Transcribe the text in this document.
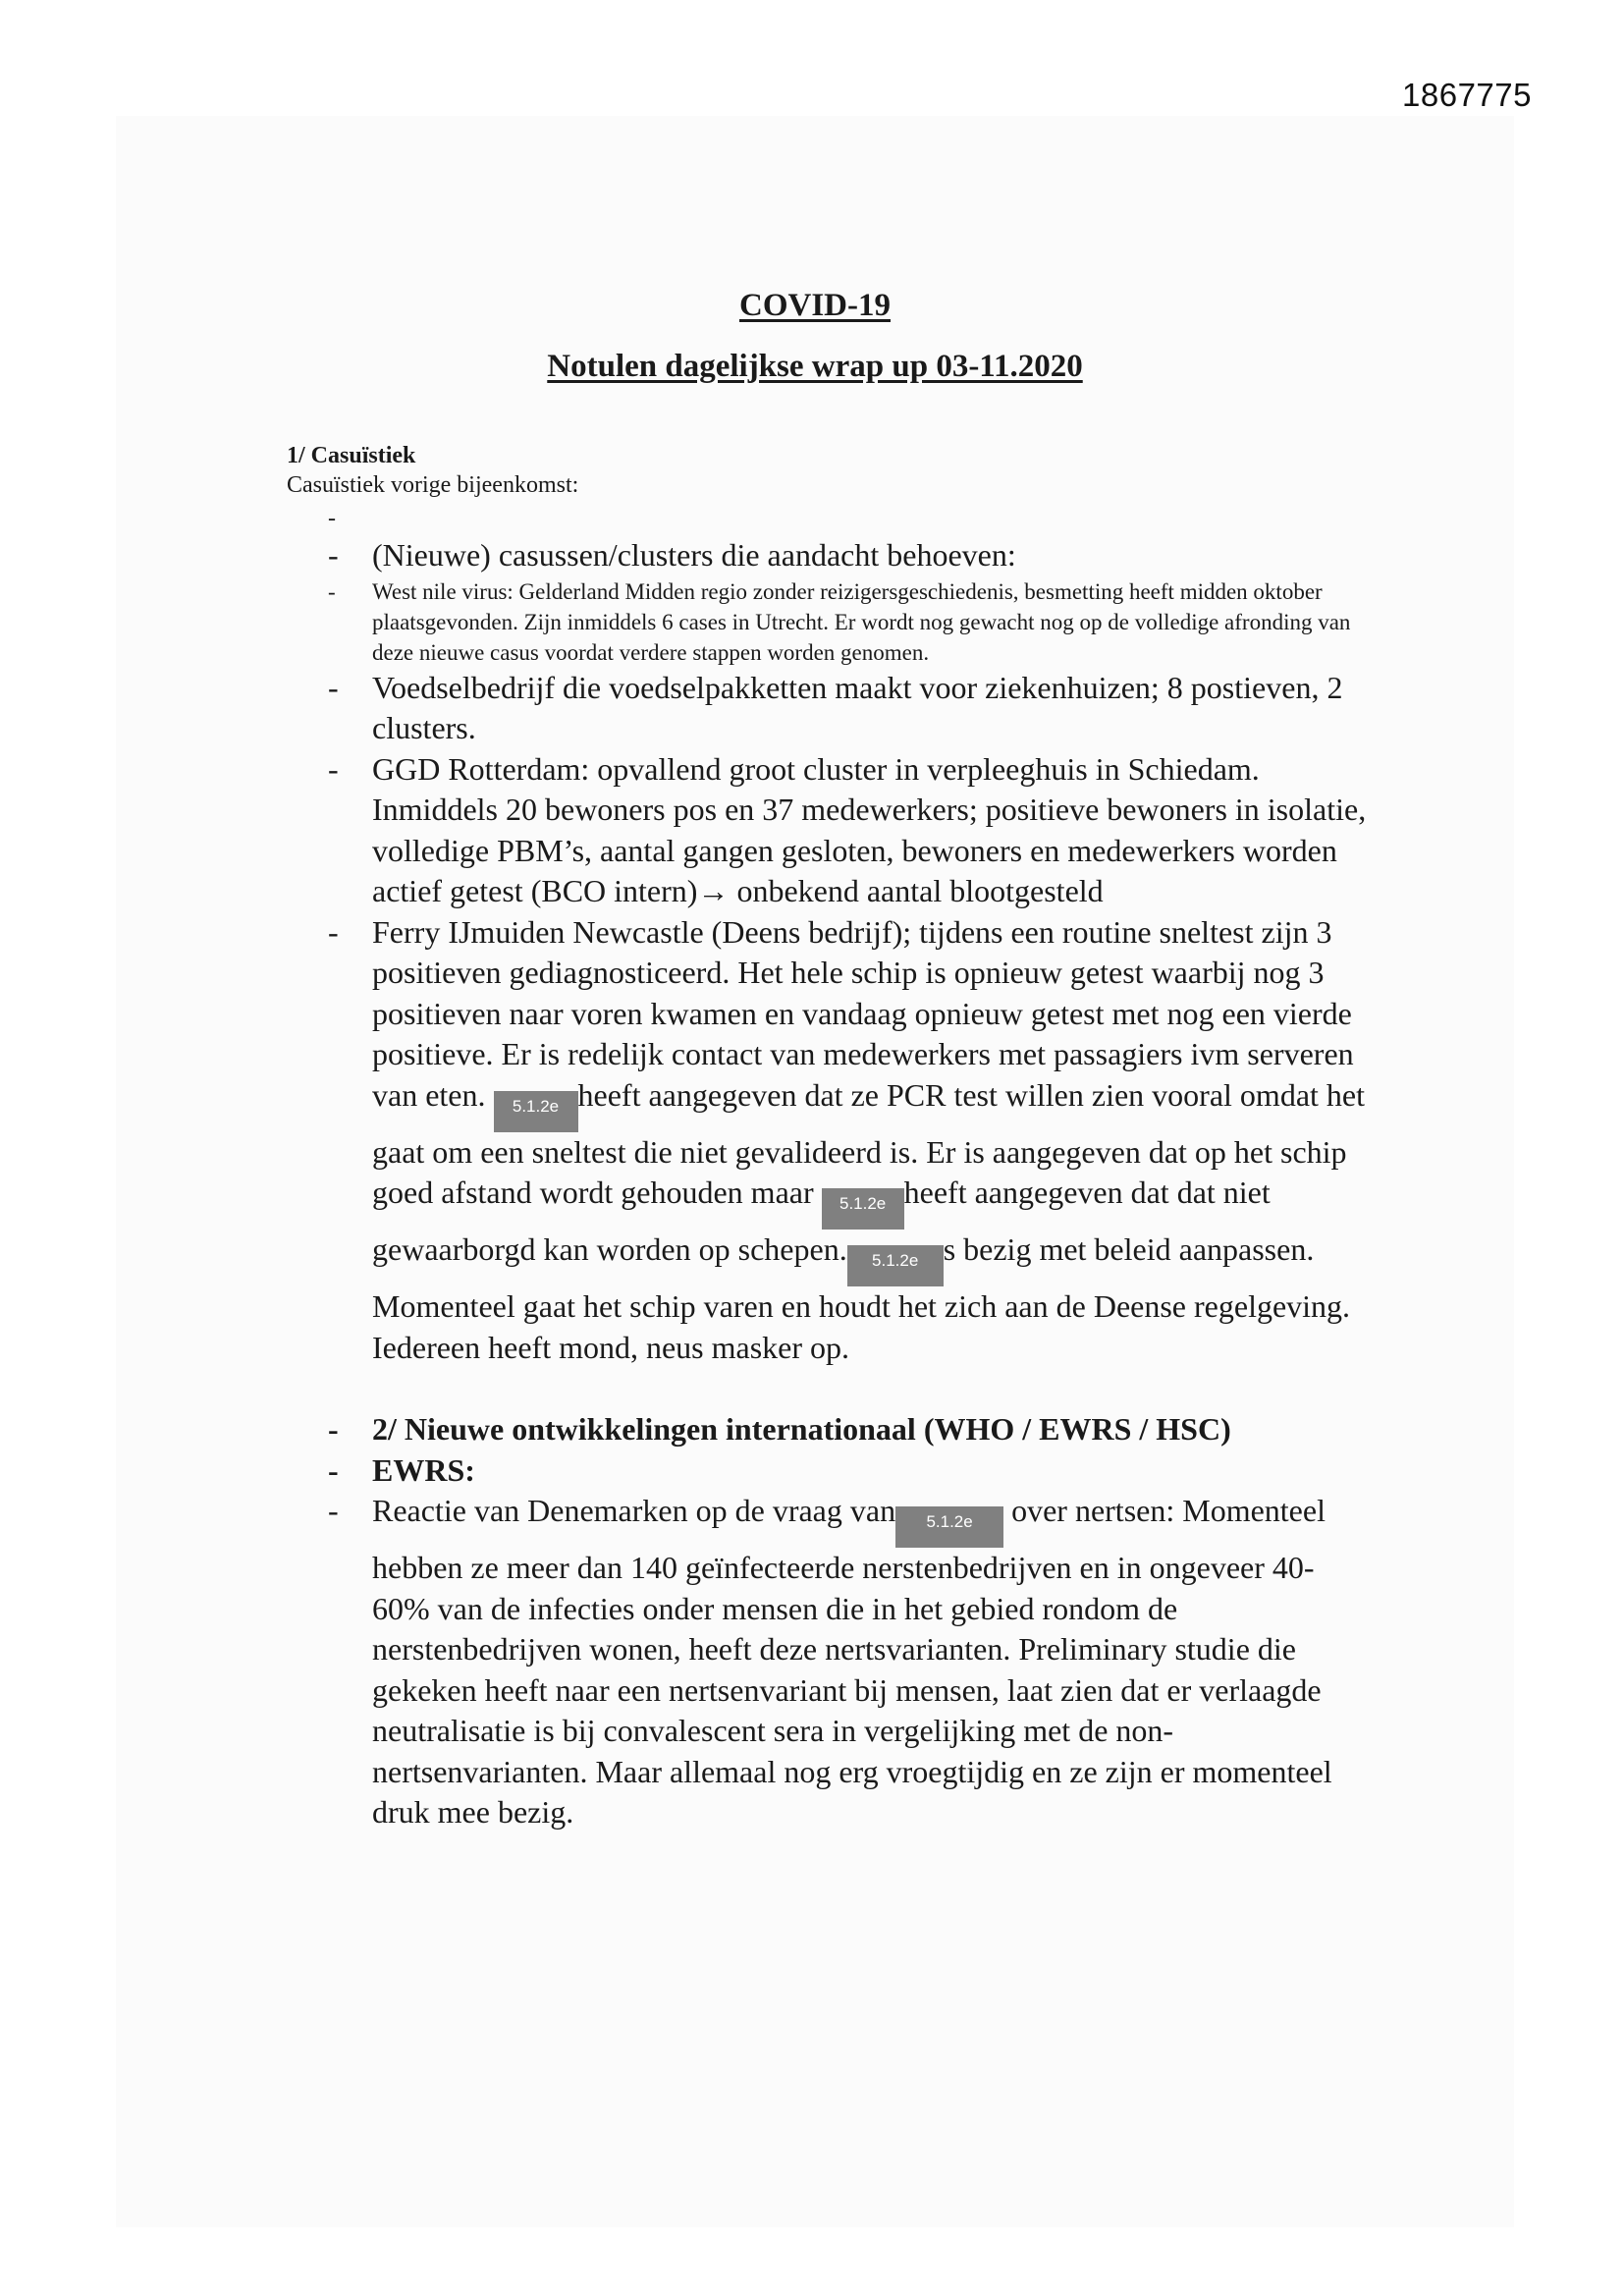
1867775
COVID-19
Notulen dagelijkse wrap up 03-11.2020
1/ Casuïstiek
Casuïstiek vorige bijeenkomst:
-
- (Nieuwe) casussen/clusters die aandacht behoeven:
- West nile virus: Gelderland Midden regio zonder reizigersgeschiedenis, besmetting heeft midden oktober plaatsgevonden. Zijn inmiddels 6 cases in Utrecht. Er wordt nog gewacht nog op de volledige afronding van deze nieuwe casus voordat verdere stappen worden genomen.
- Voedselbedrijf die voedselpakketten maakt voor ziekenhuizen; 8 postieven, 2 clusters.
- GGD Rotterdam: opvallend groot cluster in verpleeghuis in Schiedam. Inmiddels 20 bewoners pos en 37 medewerkers; positieve bewoners in isolatie, volledige PBM’s, aantal gangen gesloten, bewoners en medewerkers worden actief getest (BCO intern)→ onbekend aantal blootgesteld
- Ferry IJmuiden Newcastle (Deens bedrijf); tijdens een routine sneltest zijn 3 positieven gediagnosticeerd. Het hele schip is opnieuw getest waarbij nog 3 positieven naar voren kwamen en vandaag opnieuw getest met nog een vierde positieve. Er is redelijk contact van medewerkers met passagiers ivm serveren van eten. 5.1.2e heeft aangegeven dat ze PCR test willen zien vooral omdat het gaat om een sneltest die niet gevalideerd is. Er is aangegeven dat op het schip goed afstand wordt gehouden maar 5.1.2e heeft aangegeven dat dat niet gewaarborgd kan worden op schepen. 5.1.2e s bezig met beleid aanpassen. Momenteel gaat het schip varen en houdt het zich aan de Deense regelgeving. Iedereen heeft mond, neus masker op.
- 2/ Nieuwe ontwikkelingen internationaal (WHO / EWRS / HSC)
- EWRS:
- Reactie van Denemarken op de vraag van 5.1.2e over nertsen: Momenteel hebben ze meer dan 140 geïnfecteerde nerstenbedrijven en in ongeveer 40-60% van de infecties onder mensen die in het gebied rondom de nerstenbedrijven wonen, heeft deze nertsvarianten. Preliminary studie die gekeken heeft naar een nertsenvariant bij mensen, laat zien dat er verlaagde neutralisatie is bij convalescent sera in vergelijking met de non-nertsenvarianten. Maar allemaal nog erg vroegtijdig en ze zijn er momenteel druk mee bezig.
